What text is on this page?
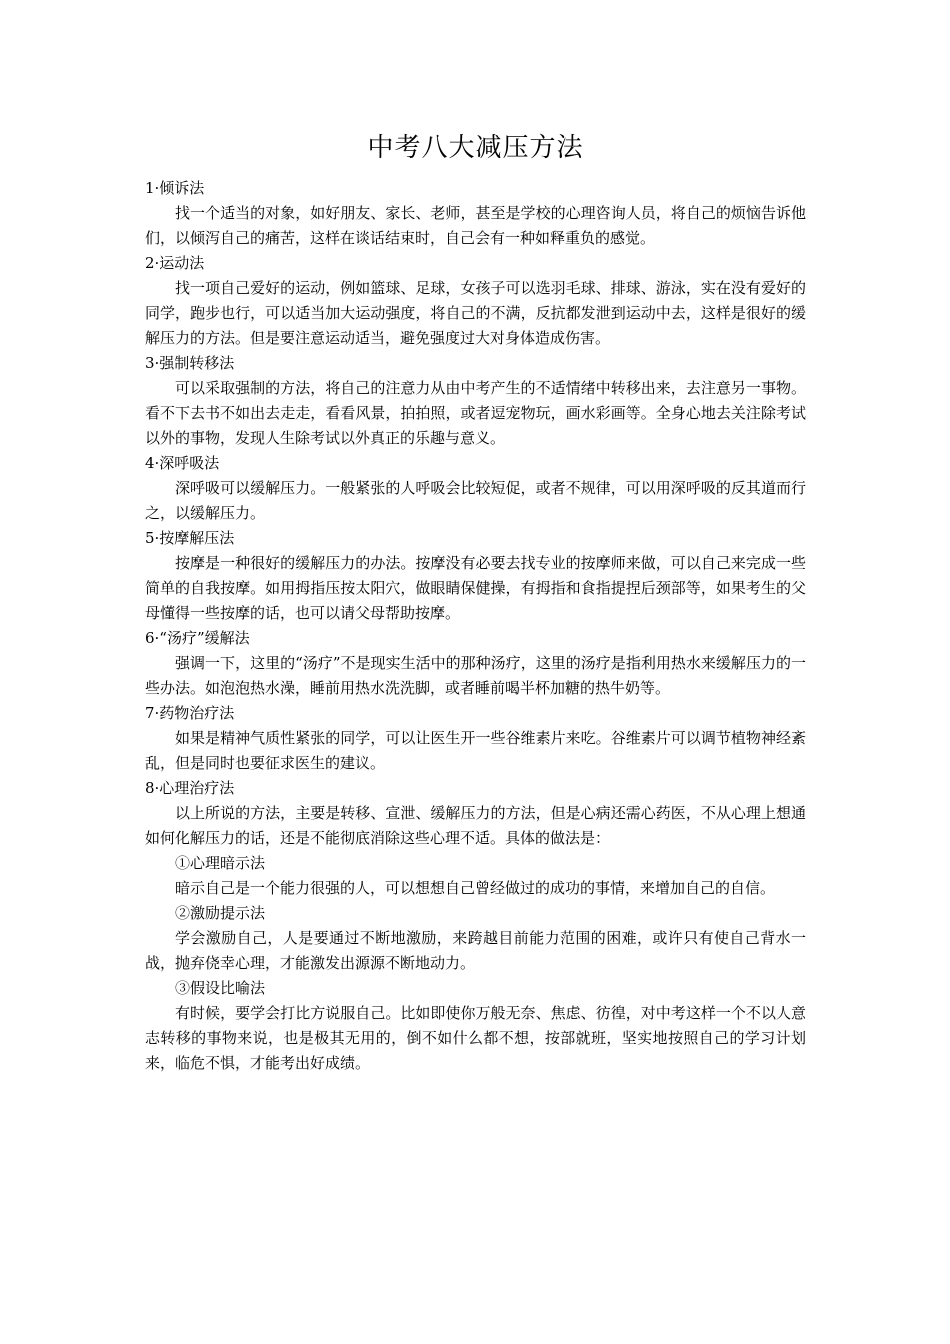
中考八大减压方法

1·倾诉法

找一个适当的对象，如好朋友、家长、老师，甚至是学校的心理咨询人员，将自己的烦恼告诉他们，以倾泻自己的痛苦，这样在谈话结束时，自己会有一种如释重负的感觉。

2·运动法

找一项自己爱好的运动，例如篮球、足球，女孩子可以选羽毛球、排球、游泳，实在没有爱好的同学，跑步也行，可以适当加大运动强度，将自己的不满，反抗都发泄到运动中去，这样是很好的缓解压力的方法。但是要注意运动适当，避免强度过大对身体造成伤害。

3·强制转移法

可以采取强制的方法，将自己的注意力从由中考产生的不适情绪中转移出来，去注意另一事物。看不下去书不如出去走走，看看风景，拍拍照，或者逗宠物玩，画水彩画等。全身心地去关注除考试以外的事物，发现人生除考试以外真正的乐趣与意义。

4·深呼吸法

深呼吸可以缓解压力。一般紧张的人呼吸会比较短促，或者不规律，可以用深呼吸的反其道而行之，以缓解压力。

5·按摩解压法

按摩是一种很好的缓解压力的办法。按摩没有必要去找专业的按摩师来做，可以自己来完成一些简单的自我按摩。如用拇指压按太阳穴，做眼睛保健操，有拇指和食指提捏后颈部等，如果考生的父母懂得一些按摩的话，也可以请父母帮助按摩。

6·“汤疗”缓解法

强调一下，这里的“汤疗”不是现实生活中的那种汤疗，这里的汤疗是指利用热水来缓解压力的一些办法。如泡泡热水澡，睡前用热水洗洗脚，或者睡前喝半杯加糖的热牛奶等。

7·药物治疗法

如果是精神气质性紧张的同学，可以让医生开一些谷维素片来吃。谷维素片可以调节植物神经紊乱，但是同时也要征求医生的建议。

8·心理治疗法

以上所说的方法，主要是转移、宣泄、缓解压力的方法，但是心病还需心药医，不从心理上想通如何化解压力的话，还是不能彻底消除这些心理不适。具体的做法是：

①心理暗示法

暗示自己是一个能力很强的人，可以想想自己曾经做过的成功的事情，来增加自己的自信。

②激励提示法

学会激励自己，人是要通过不断地激励，来跨越目前能力范围的困难，或许只有使自己背水一战，抛弃侥幸心理，才能激发出源源不断地动力。

③假设比喻法

有时候，要学会打比方说服自己。比如即使你万般无奈、焦虑、彷徨，对中考这样一个不以人意志转移的事物来说，也是极其无用的，倒不如什么都不想，按部就班，坚实地按照自己的学习计划来，临危不惧，才能考出好成绩。
